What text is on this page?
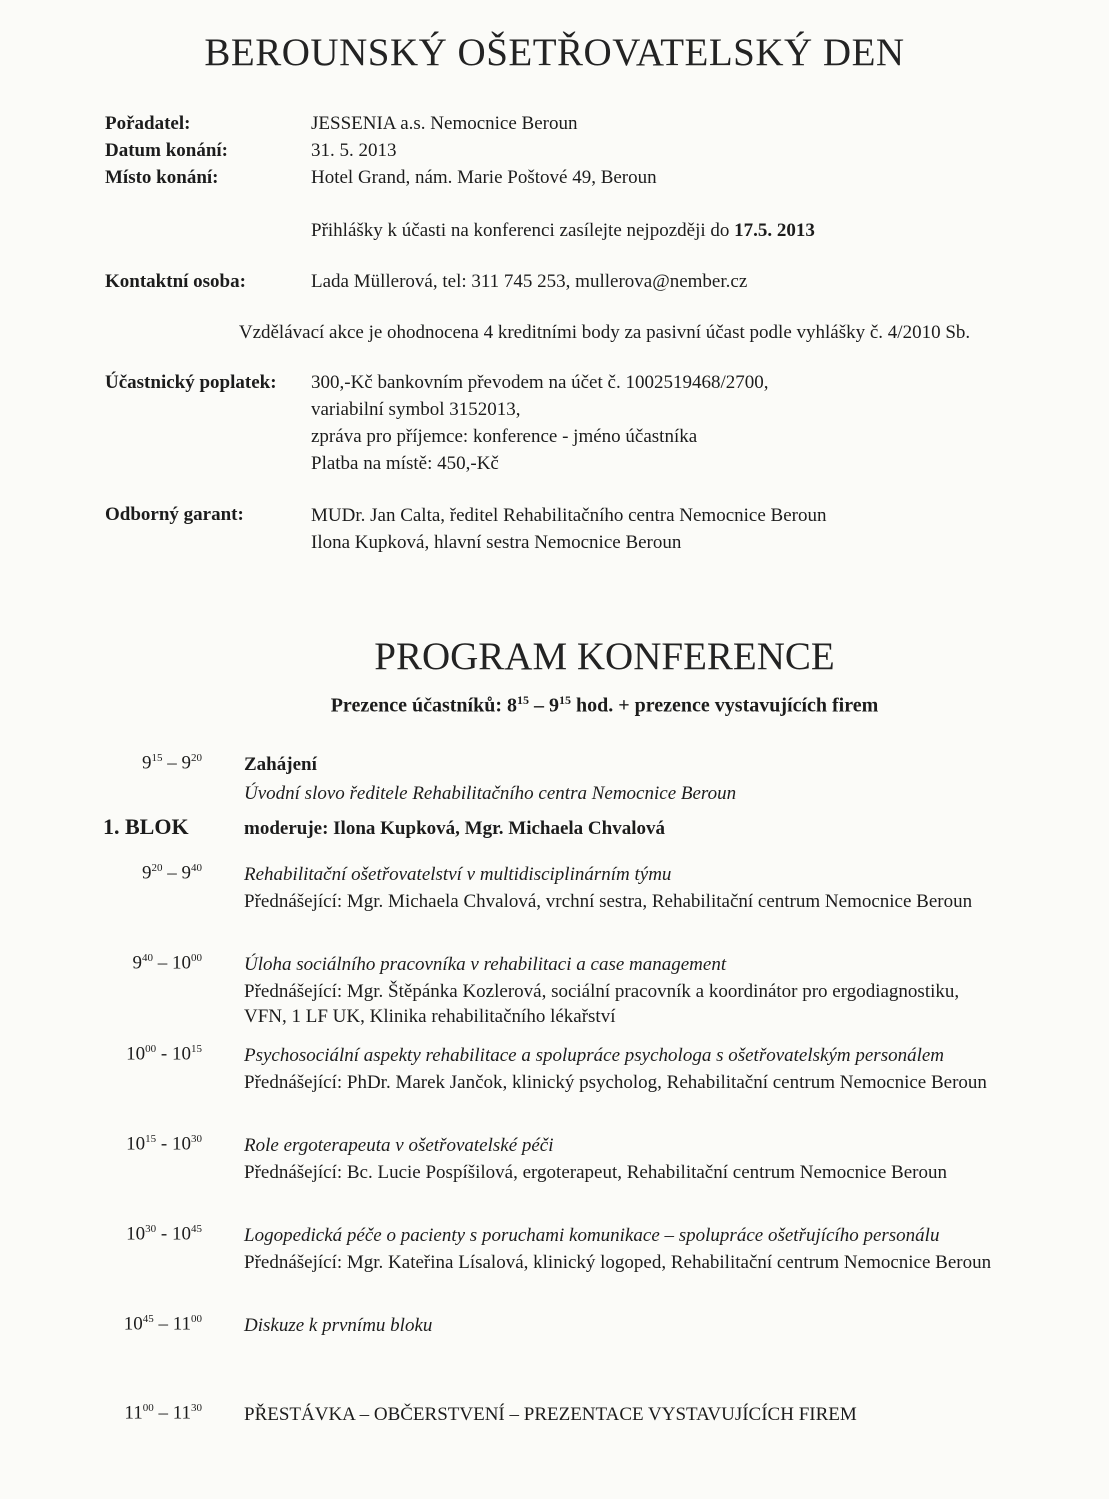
BEROUNSKÝ OŠETŘOVATELSKÝ DEN
Pořadatel:	JESSENIA a.s. Nemocnice Beroun
Datum konání:	31. 5. 2013
Místo konání:	Hotel Grand, nám. Marie Poštové 49, Beroun
Přihlášky k účasti na konferenci zasílejte nejpozději do 17.5. 2013
Kontaktní osoba:	Lada Müllerová, tel: 311 745 253, mullerova@nember.cz
Vzdělávací akce je ohodnocena 4 kreditními body za pasivní účast podle vyhlášky č. 4/2010 Sb.
Účastnický poplatek: 300,-Kč bankovním převodem na účet č. 1002519468/2700,
variabilní symbol 3152013,
zpráva pro příjemce: konference - jméno účastníka
Platba na místě: 450,-Kč
Odborný garant:	MUDr. Jan Calta, ředitel Rehabilitačního centra Nemocnice Beroun
Ilona Kupková, hlavní sestra Nemocnice Beroun
PROGRAM KONFERENCE
Prezence účastníků: $8^{15} - 9^{15}$ hod. + prezence vystavujících firem
$9^{15} - 9^{20}$ Zahájení
Úvodní slovo ředitele Rehabilitačního centra Nemocnice Beroun
1. BLOK	moderuje: Ilona Kupková, Mgr. Michaela Chvalová
$9^{20} - 9^{40}$ Rehabilitační ošetřovatelství v multidisciplinárním týmu
Přednášející: Mgr. Michaela Chvalová, vrchní sestra, Rehabilitační centrum Nemocnice Beroun
$9^{40} - 10^{00}$ Úloha sociálního pracovníka v rehabilitaci a case management
Přednášející: Mgr. Štěpánka Kozlerová, sociální pracovník a koordinátor pro ergodiagnostiku,
VFN, 1 LF UK, Klinika rehabilitačního lékařství
$10^{00} - 10^{15}$ Psychosociální aspekty rehabilitace a spolupráce psychologa s ošetřovatelským personálem
Přednášející: PhDr. Marek Jančok, klinický psycholog, Rehabilitační centrum Nemocnice Beroun
$10^{15} - 10^{30}$ Role ergoterapeuta v ošetřovatelské péči
Přednášející: Bc. Lucie Pospíšilová, ergoterapeut, Rehabilitační centrum Nemocnice Beroun
$10^{30} - 10^{45}$ Logopedická péče o pacienty s poruchami komunikace – spolupráce ošetřujícího personálu
Přednášející: Mgr. Kateřina Lísalová, klinický logoped, Rehabilitační centrum Nemocnice Beroun
$10^{45} - 11^{00}$ Diskuze k prvnímu bloku
$11^{00} - 11^{30}$ PŘESTÁVKA – OBČERSTVENÍ – PREZENTACE VYSTAVUJÍCÍCH FIREM
